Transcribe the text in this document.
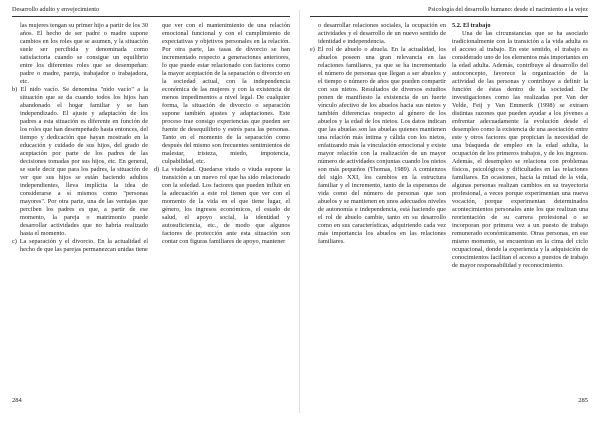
Desarrollo adulto y envejecimiento

las mujeres tengan su primer hijo a partir de los 30 años. El hecho de ser padre o madre supone cambios en los roles que se asumen, y la situación suele ser percibida y denominada como satisfactoria cuando se consigue un equilibrio entre los diferentes roles que se desempeñan: padre o madre, pareja, trabajador o trabajadora, etc.

b) El nido vacío. Se denomina "nido vacío" a la situación que se da cuando todos los hijos han abandonado el hogar familiar y se han independizado. El ajuste y adaptación de los padres a esta situación es diferente en función de los roles que han desempeñado hasta entonces, del tiempo y dedicación que hayan mostrado en la educación y cuidado de sus hijos, del grado de aceptación por parte de los padres de las decisiones tomadas por sus hijos, etc. En general, se suele decir que para los padres, la situación de ver que sus hijos se están haciendo adultos independientes, lleva implícita la idea de considerarse a sí mismos como "personas mayores". Por otra parte, una de las ventajas que perciben los padres es que, a partir de ese momento, la pareja o matrimonio puede desarrollar actividades que no habría realizado hasta el momento.

c) La separación y el divorcio. En la actualidad el hecho de que las parejas permanezcan unidas tiene

que ver con el mantenimiento de una relación emocional funcional y con el cumplimiento de expectativas y objetivos personales en la relación. Por otra parte, las tasas de divorcio se han incrementado respecto a generaciones anteriores, lo que puede estar relacionado con factores como la mayor aceptación de la separación o divorcio en la sociedad actual, con la independencia económica de las mujeres y con la existencia de menos impedimentos a nivel legal. De cualquier forma, la situación de divorcio o separación supone también ajustes y adaptaciones. Este proceso trae consigo experiencias que pueden ser fuente de desequilibrio y estrés para las personas. Tanto en el momento de la separación como después del mismo son frecuentes sentimientos de malestar, tristeza, miedo, impotencia, culpabilidad, etc.

d) La viudedad. Quedarse viudo o viuda supone la transición a un nuevo rol que ha sido relacionado con la soledad. Los factores que pueden influir en la adecuación a este rol tienen que ver con el momento de la vida en el que tiene lugar, el género, los ingresos económicos, el estado de salud, el apoyo social, la identidad y autosuficiencia, etc., de modo que algunos factores de protección ante esta situación son contar con figuras familiares de apoyo, mantener

284
Psicología del desarrollo humano: desde el nacimiento a la vejez

o desarrollar relaciones sociales, la ocupación en actividades y el desarrollo de un nuevo sentido de identidad e independencia.

e) El rol de abuelo o abuela. En la actualidad, los abuelos poseen una gran relevancia en las relaciones familiares, ya que se ha incrementado el número de personas que llegan a ser abuelos y el tiempo o número de años que pueden compartir con sus nietos. Resultados de diversos estudios ponen de manifiesto la existencia de un fuerte vínculo afectivo de los abuelos hacia sus nietos y también diferencias respecto al género de los abuelos y la edad de los nietos. Los datos indican que las abuelas son las abuelas quienes mantienen una relación más íntima y cálida con los nietos, enfatizando más la vinculación emocional y existe mayor relación con la realización de un mayor número de actividades conjuntas cuando los nietos son más pequeños (Thomas, 1989). A comienzos del siglo XXI, los cambios en la estructura familiar y el incremento, tanto de la esperanza de vida como del número de personas que son abuelos y se mantienen en unos adecuados niveles de autonomía e independencia, está haciendo que el rol de abuelo cambie, tanto en su desarrollo como en sus características, adquiriendo cada vez más importancia los abuelos en las relaciones familiares.

5.2. El trabajo

Una de las circunstancias que se ha asociado tradicionalmente con la transición a la vida adulta es el acceso al trabajo. En este sentido, el trabajo es considerado uno de los elementos más importantes en la edad adulta. Además, contribuye al desarrollo del autoconcepto, favorece la organización de la actividad de las personas y contribuye a definir la función de éstas dentro de la sociedad. De investigaciones como las realizadas por Van der Velde, Feij y Van Emmerik (1998) se extraen distintas razones que pueden ayudar a los jóvenes a enfrentar adecuadamente la evolución desde el desempleo como la existencia de una asociación entre este y otros factores que propician la necesidad de una búsqueda de empleo en la edad adulta, la ocupación de los primeros trabajos, y de los ingresos. Además, el desempleo se relaciona con problemas físicos, psicológicos y dificultades en las relaciones familiares. En ocasiones, hacia la mitad de la vida, algunas personas realizan cambios en su trayectoria profesional, a veces porque experimentan una nueva vocación, porque experimentan determinados acontecimientos personales ante los que realizan una reorientación de su carrera profesional o se incorporan por primera vez a un puesto de trabajo remunerado económicamente. Otras personas, en ese mismo momento, se encuentran en la cima del ciclo ocupacional, donde la experiencia y la adquisición de conocimientos facilitan el acceso a puestos de trabajo de mayor responsabilidad y reconocimiento.

285
